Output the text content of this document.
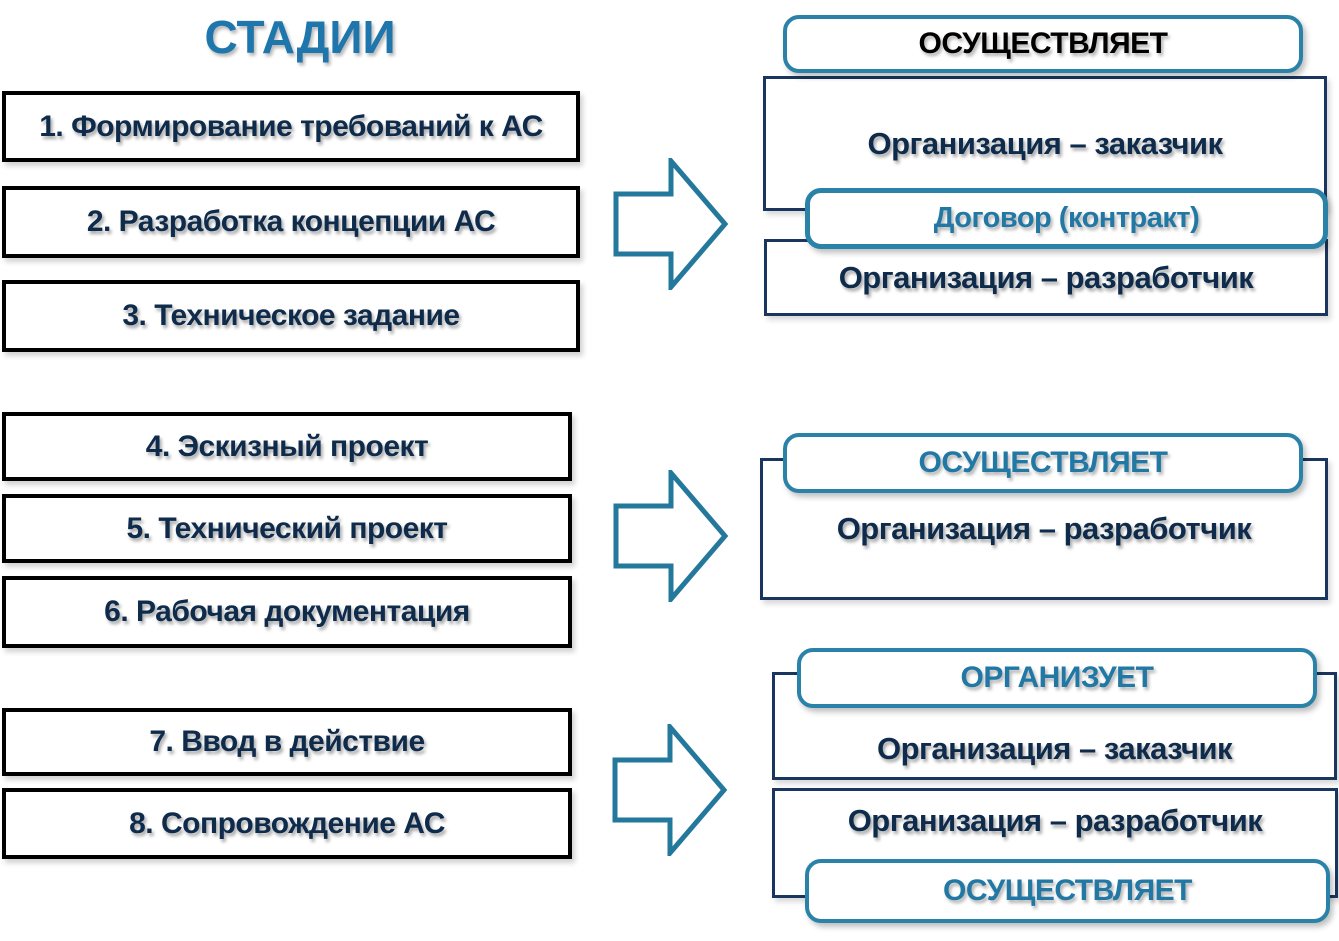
СТАДИИ
1. Формирование требований к АС
2. Разработка концепции АС
3. Техническое задание
4. Эскизный проект
5. Технический проект
6. Рабочая документация
7. Ввод в действие
8. Сопровождение АС
Организация – заказчик
Организация – разработчик
ОСУЩЕСТВЛЯЕТ
Договор (контракт)
Организация – разработчик
ОСУЩЕСТВЛЯЕТ
Организация – заказчик
ОРГАНИЗУЕТ
Организация – разработчик
ОСУЩЕСТВЛЯЕТ
